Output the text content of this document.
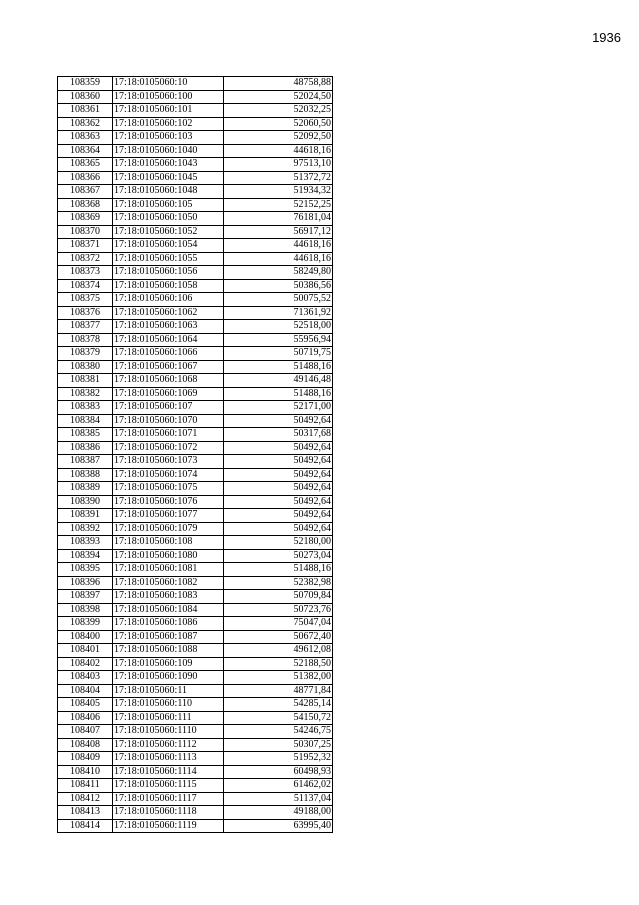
1936
108359	17:18:0105060:10	48758,88
108360	17:18:0105060:100	52024,50
108361	17:18:0105060:101	52032,25
108362	17:18:0105060:102	52060,50
108363	17:18:0105060:103	52092,50
108364	17:18:0105060:1040	44618,16
108365	17:18:0105060:1043	97513,10
108366	17:18:0105060:1045	51372,72
108367	17:18:0105060:1048	51934,32
108368	17:18:0105060:105	52152,25
108369	17:18:0105060:1050	76181,04
108370	17:18:0105060:1052	56917,12
108371	17:18:0105060:1054	44618,16
108372	17:18:0105060:1055	44618,16
108373	17:18:0105060:1056	58249,80
108374	17:18:0105060:1058	50386,56
108375	17:18:0105060:106	50075,52
108376	17:18:0105060:1062	71361,92
108377	17:18:0105060:1063	52518,00
108378	17:18:0105060:1064	55956,94
108379	17:18:0105060:1066	50719,75
108380	17:18:0105060:1067	51488,16
108381	17:18:0105060:1068	49146,48
108382	17:18:0105060:1069	51488,16
108383	17:18:0105060:107	52171,00
108384	17:18:0105060:1070	50492,64
108385	17:18:0105060:1071	50317,68
108386	17:18:0105060:1072	50492,64
108387	17:18:0105060:1073	50492,64
108388	17:18:0105060:1074	50492,64
108389	17:18:0105060:1075	50492,64
108390	17:18:0105060:1076	50492,64
108391	17:18:0105060:1077	50492,64
108392	17:18:0105060:1079	50492,64
108393	17:18:0105060:108	52180,00
108394	17:18:0105060:1080	50273,04
108395	17:18:0105060:1081	51488,16
108396	17:18:0105060:1082	52382,98
108397	17:18:0105060:1083	50709,84
108398	17:18:0105060:1084	50723,76
108399	17:18:0105060:1086	75047,04
108400	17:18:0105060:1087	50672,40
108401	17:18:0105060:1088	49612,08
108402	17:18:0105060:109	52188,50
108403	17:18:0105060:1090	51382,00
108404	17:18:0105060:11	48771,84
108405	17:18:0105060:110	54285,14
108406	17:18:0105060:111	54150,72
108407	17:18:0105060:1110	54246,75
108408	17:18:0105060:1112	50307,25
108409	17:18:0105060:1113	51952,32
108410	17:18:0105060:1114	60498,93
108411	17:18:0105060:1115	61462,02
108412	17:18:0105060:1117	51137,04
108413	17:18:0105060:1118	49188,00
108414	17:18:0105060:1119	63995,40
